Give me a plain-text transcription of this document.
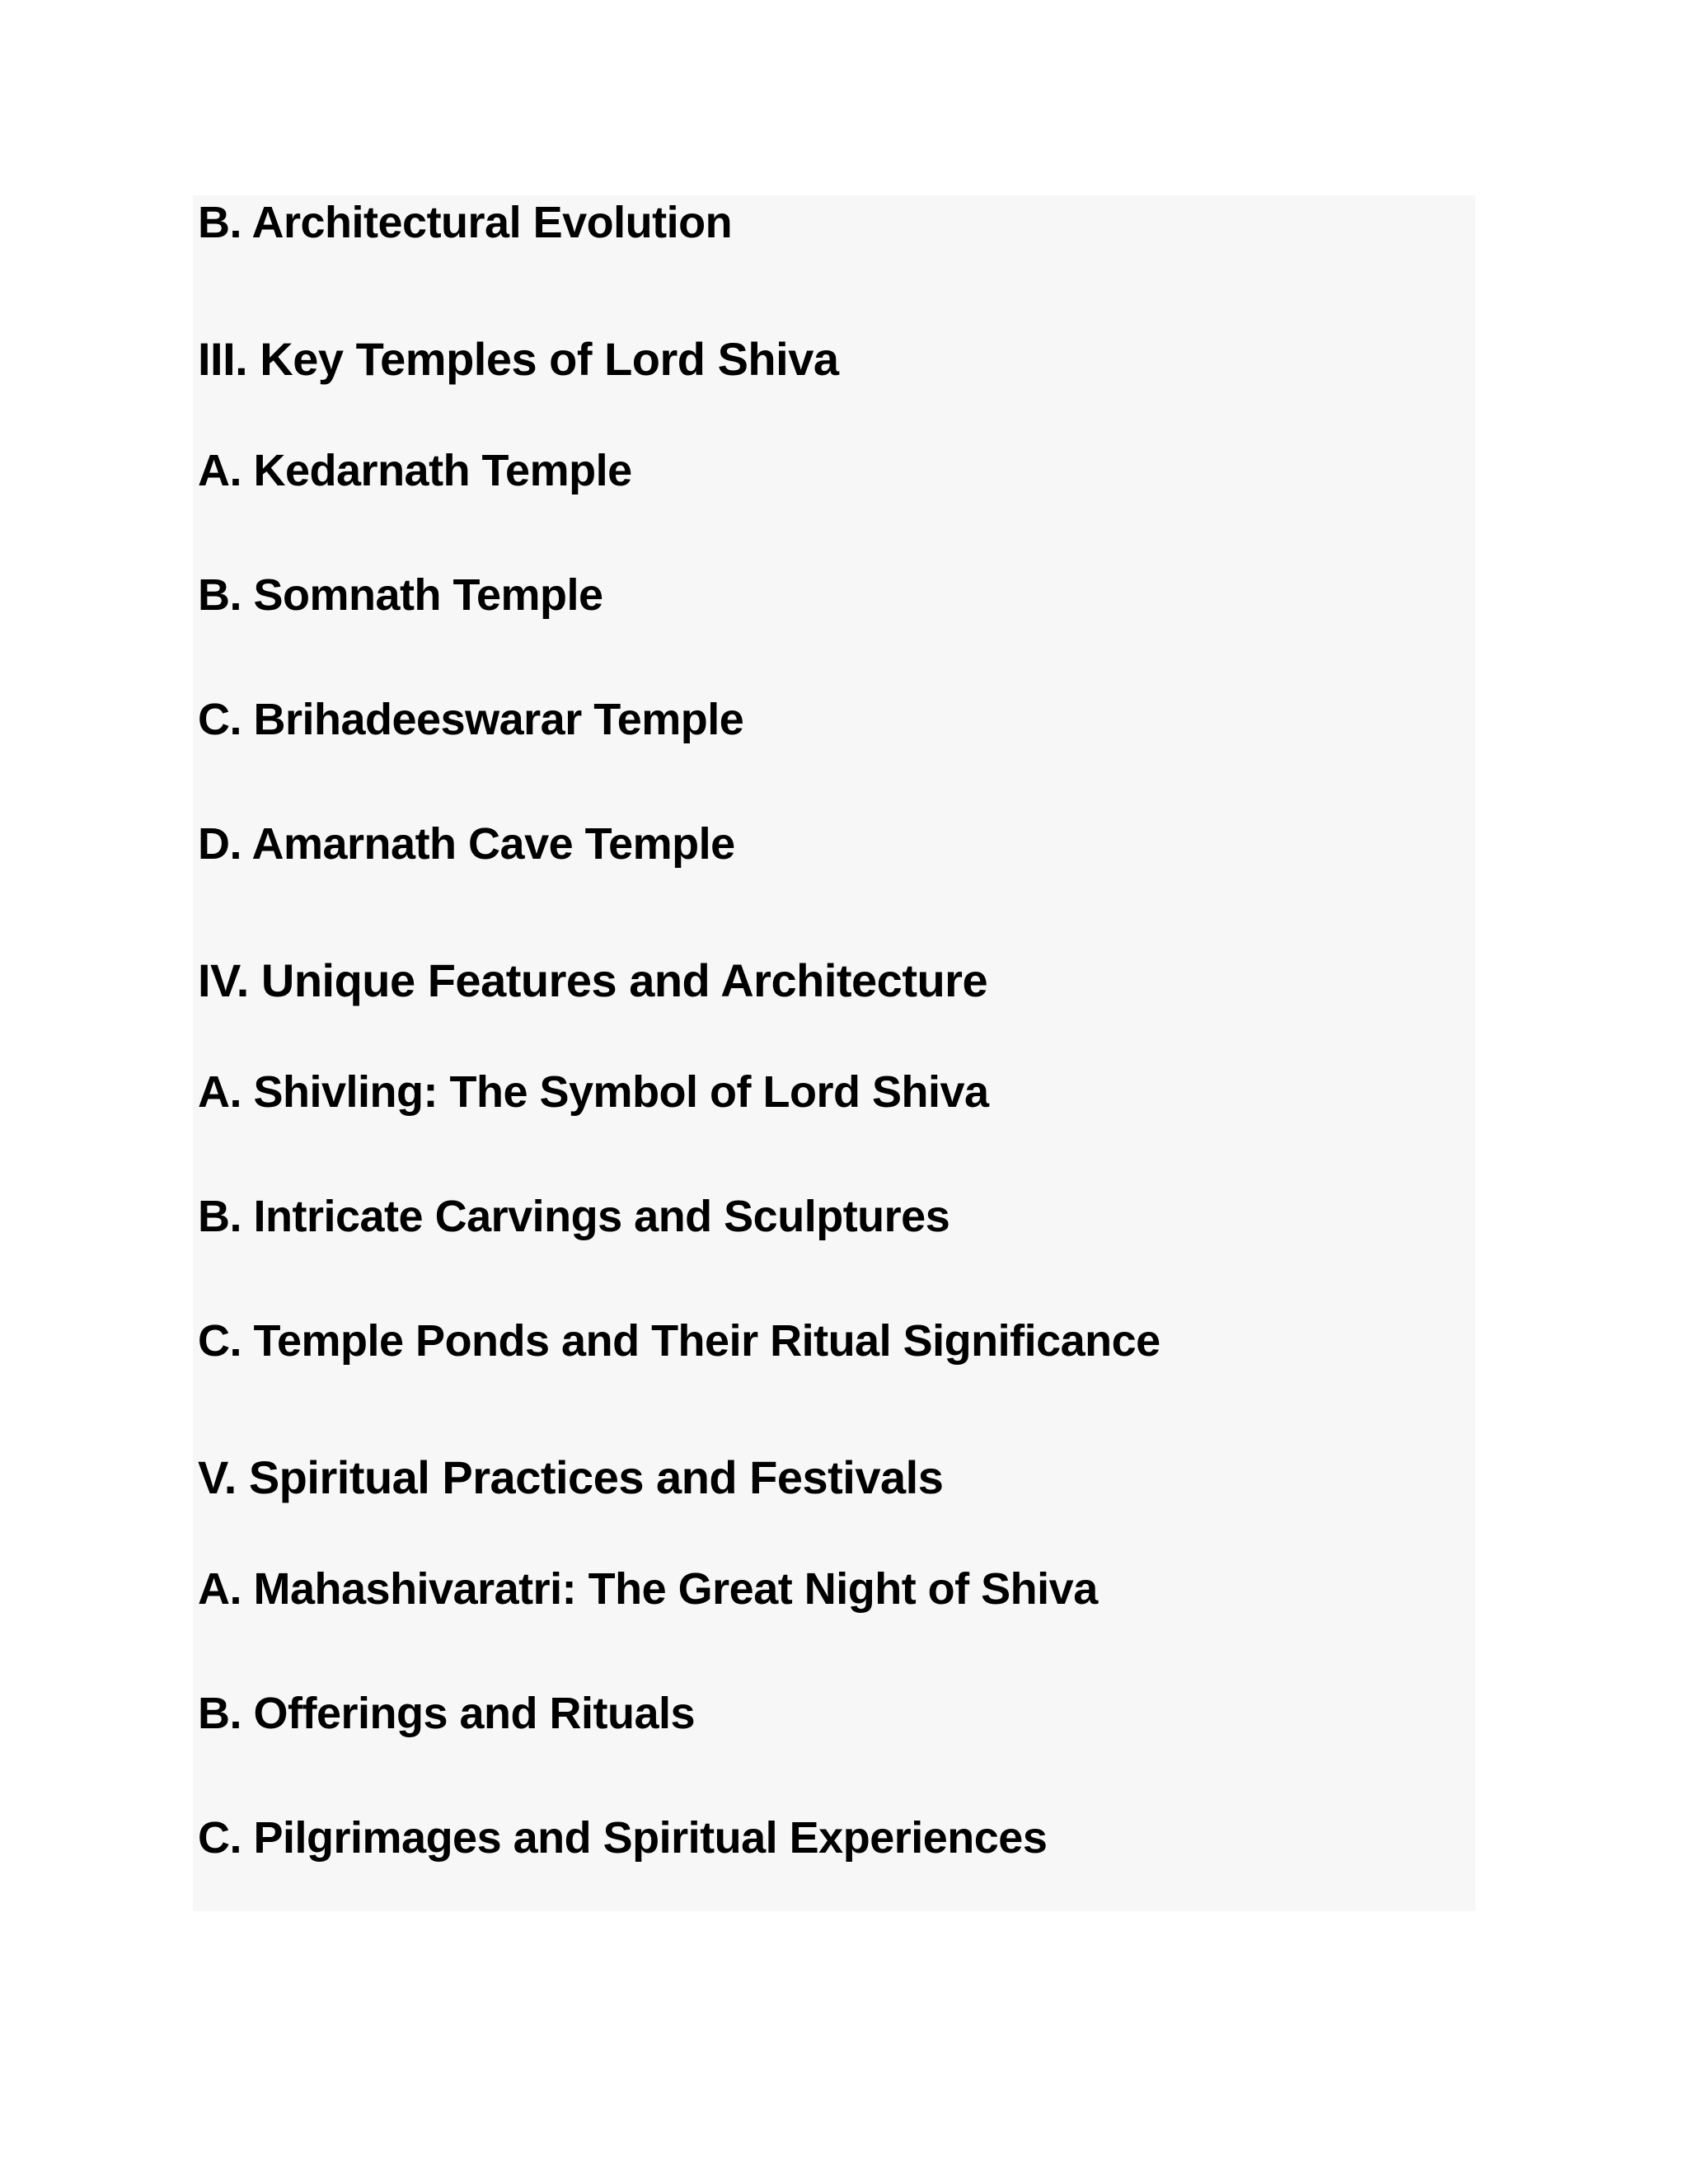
B. Architectural Evolution
III. Key Temples of Lord Shiva
A. Kedarnath Temple
B. Somnath Temple
C. Brihadeeswarar Temple
D. Amarnath Cave Temple
IV. Unique Features and Architecture
A. Shivling: The Symbol of Lord Shiva
B. Intricate Carvings and Sculptures
C. Temple Ponds and Their Ritual Significance
V. Spiritual Practices and Festivals
A. Mahashivaratri: The Great Night of Shiva
B. Offerings and Rituals
C. Pilgrimages and Spiritual Experiences
